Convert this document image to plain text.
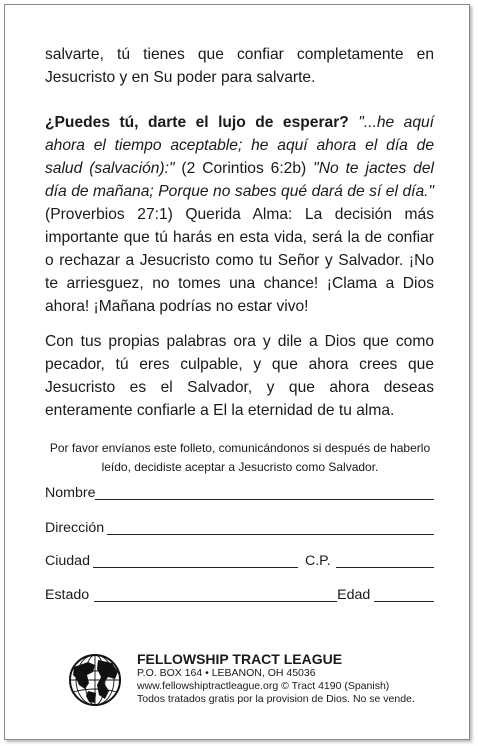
salvarte, tú tienes que confiar completamente en Jesucristo y en Su poder para salvarte.
¿Puedes tú, darte el lujo de esperar? "...he aquí ahora el tiempo aceptable; he aquí ahora el día de salud (salvación):" (2 Corintios 6:2b) "No te jactes del día de mañana; Porque no sabes qué dará de sí el día." (Proverbios 27:1) Querida Alma: La decisión más importante que tú harás en esta vida, será la de confiar o rechazar a Jesucristo como tu Señor y Salvador. ¡No te arriesguez, no tomes una chance! ¡Clama a Dios ahora! ¡Mañana podrías no estar vivo!
Con tus propias palabras ora y dile a Dios que como pecador, tú eres culpable, y que ahora crees que Jesucristo es el Salvador, y que ahora deseas enteramente confiarle a El la eternidad de tu alma.
Por favor envíanos este folleto, comunicándonos si después de haberlo leído, decidiste aceptar a Jesucristo como Salvador.
Nombre
Dirección
Ciudad	C.P.
Estado	Edad
FELLOWSHIP TRACT LEAGUE
P.O. BOX 164 • LEBANON, OH 45036
www.fellowshiptractleague.org © Tract 4190 (Spanish)
Todos tratados gratis por la provision de Dios. No se vende.
